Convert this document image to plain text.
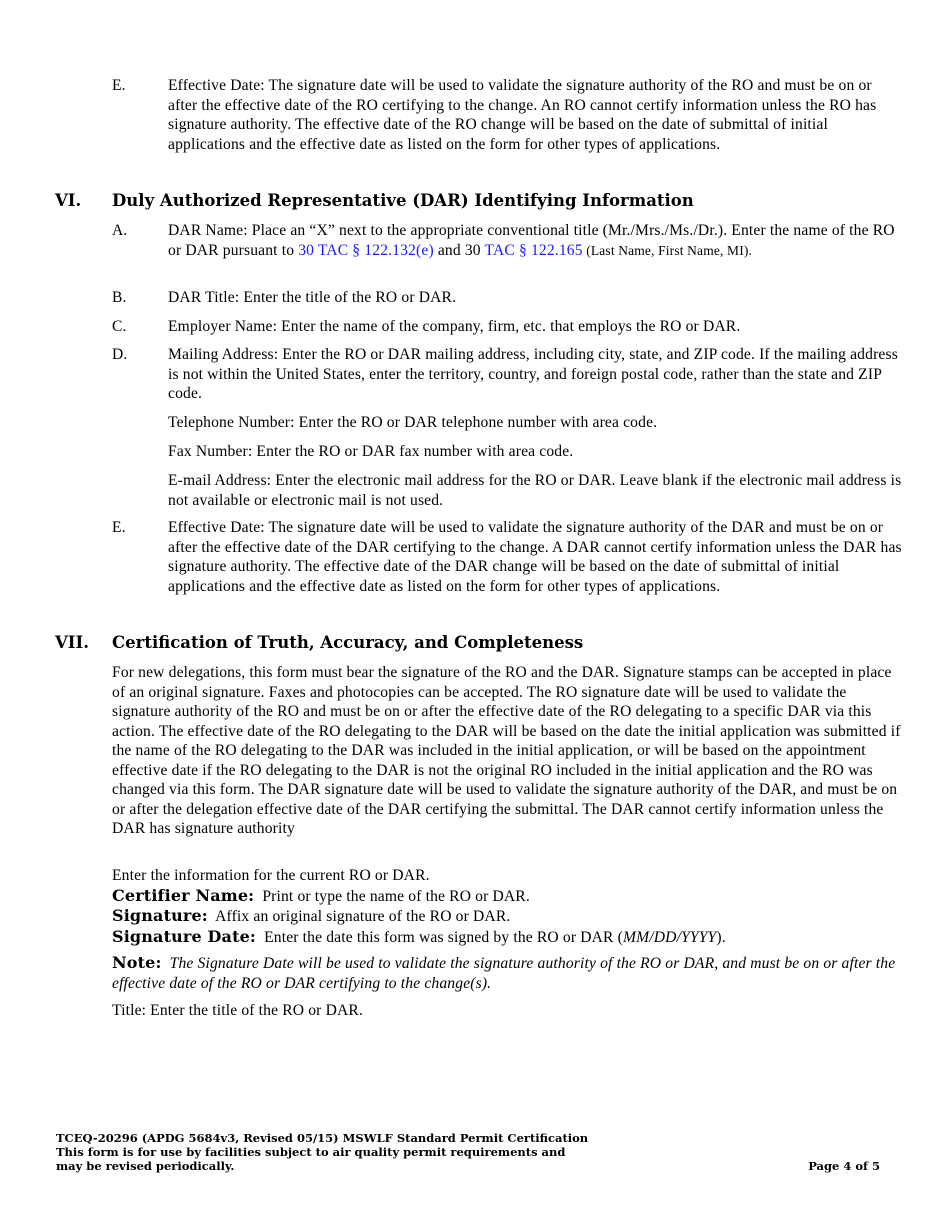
E.	Effective Date: The signature date will be used to validate the signature authority of the RO and must be on or after the effective date of the RO certifying to the change. An RO cannot certify information unless the RO has signature authority. The effective date of the RO change will be based on the date of submittal of initial applications and the effective date as listed on the form for other types of applications.
VI. Duly Authorized Representative (DAR) Identifying Information
A.	DAR Name: Place an “X” next to the appropriate conventional title (Mr./Mrs./Ms./Dr.). Enter the name of the RO or DAR pursuant to 30 TAC § 122.132(e) and 30 TAC § 122.165 (Last Name, First Name, MI).
B.	DAR Title: Enter the title of the RO or DAR.
C.	Employer Name: Enter the name of the company, firm, etc. that employs the RO or DAR.
D.	Mailing Address: Enter the RO or DAR mailing address, including city, state, and ZIP code. If the mailing address is not within the United States, enter the territory, country, and foreign postal code, rather than the state and ZIP code.
Telephone Number: Enter the RO or DAR telephone number with area code.
Fax Number: Enter the RO or DAR fax number with area code.
E-mail Address: Enter the electronic mail address for the RO or DAR. Leave blank if the electronic mail address is not available or electronic mail is not used.
E.	Effective Date: The signature date will be used to validate the signature authority of the DAR and must be on or after the effective date of the DAR certifying to the change. A DAR cannot certify information unless the DAR has signature authority. The effective date of the DAR change will be based on the date of submittal of initial applications and the effective date as listed on the form for other types of applications.
VII. Certification of Truth, Accuracy, and Completeness
For new delegations, this form must bear the signature of the RO and the DAR. Signature stamps can be accepted in place of an original signature. Faxes and photocopies can be accepted. The RO signature date will be used to validate the signature authority of the RO and must be on or after the effective date of the RO delegating to a specific DAR via this action. The effective date of the RO delegating to the DAR will be based on the date the initial application was submitted if the name of the RO delegating to the DAR was included in the initial application, or will be based on the appointment effective date if the RO delegating to the DAR is not the original RO included in the initial application and the RO was changed via this form. The DAR signature date will be used to validate the signature authority of the DAR, and must be on or after the delegation effective date of the DAR certifying the submittal. The DAR cannot certify information unless the DAR has signature authority
Enter the information for the current RO or DAR.
Certifier Name: Print or type the name of the RO or DAR.
Signature: Affix an original signature of the RO or DAR.
Signature Date: Enter the date this form was signed by the RO or DAR (MM/DD/YYYY).
Note: The Signature Date will be used to validate the signature authority of the RO or DAR, and must be on or after the effective date of the RO or DAR certifying to the change(s).
Title: Enter the title of the RO or DAR.
TCEQ-20296 (APDG 5684v3, Revised 05/15) MSWLF Standard Permit Certification
This form is for use by facilities subject to air quality permit requirements and
may be revised periodically.	Page 4 of 5
